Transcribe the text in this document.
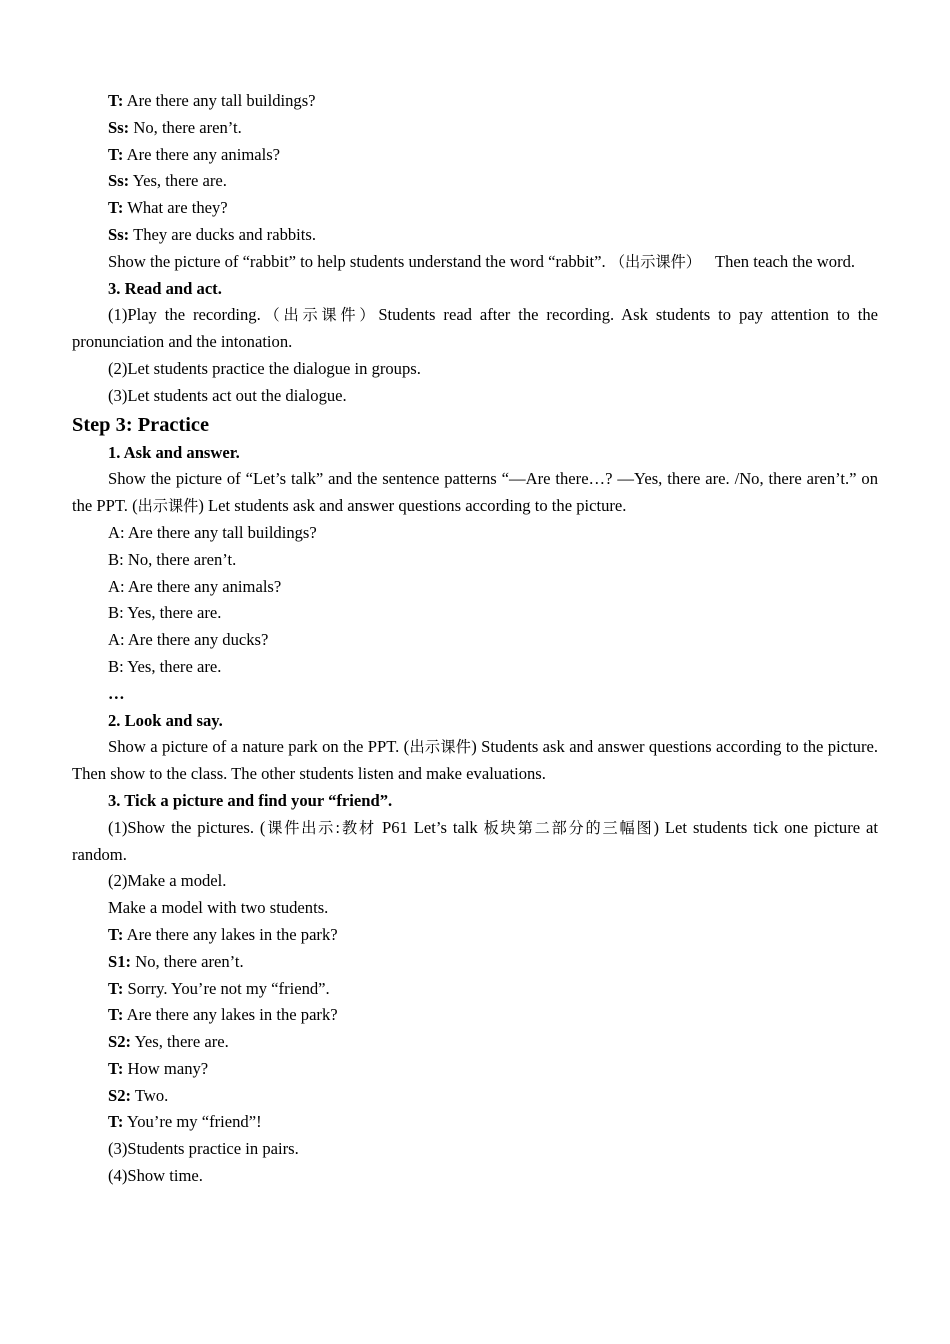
T: Are there any tall buildings?

Ss: No, there aren’t.

T: Are there any animals?

Ss: Yes, there are.

T: What are they?

Ss: They are ducks and rabbits.

Show the picture of “rabbit” to help students understand the word “rabbit”. （出示课件） Then teach the word.

3. Read and act.

(1)Play the recording.（出示课件）Students read after the recording. Ask students to pay attention to the pronunciation and the intonation.

(2)Let students practice the dialogue in groups.

(3)Let students act out the dialogue.

Step 3: Practice

1. Ask and answer.

Show the picture of “Let’s talk” and the sentence patterns “—Are there…? —Yes, there are. /No, there aren’t.” on the PPT. (出示课件) Let students ask and answer questions according to the picture.

A: Are there any tall buildings?

B: No, there aren’t.

A: Are there any animals?

B: Yes, there are.

A: Are there any ducks?

B: Yes, there are.

…

2. Look and say.

Show a picture of a nature park on the PPT. (出示课件) Students ask and answer questions according to the picture. Then show to the class. The other students listen and make evaluations.

3. Tick a picture and find your “friend”.

(1)Show the pictures. (课件出示:教材 P61 Let’s talk 板块第二部分的三幅图) Let students tick one picture at random.

(2)Make a model.

Make a model with two students.

T: Are there any lakes in the park?

S1: No, there aren’t.

T: Sorry. You’re not my “friend”.

T: Are there any lakes in the park?

S2: Yes, there are.

T: How many?

S2: Two.

T: You’re my “friend”!

(3)Students practice in pairs.

(4)Show time.
